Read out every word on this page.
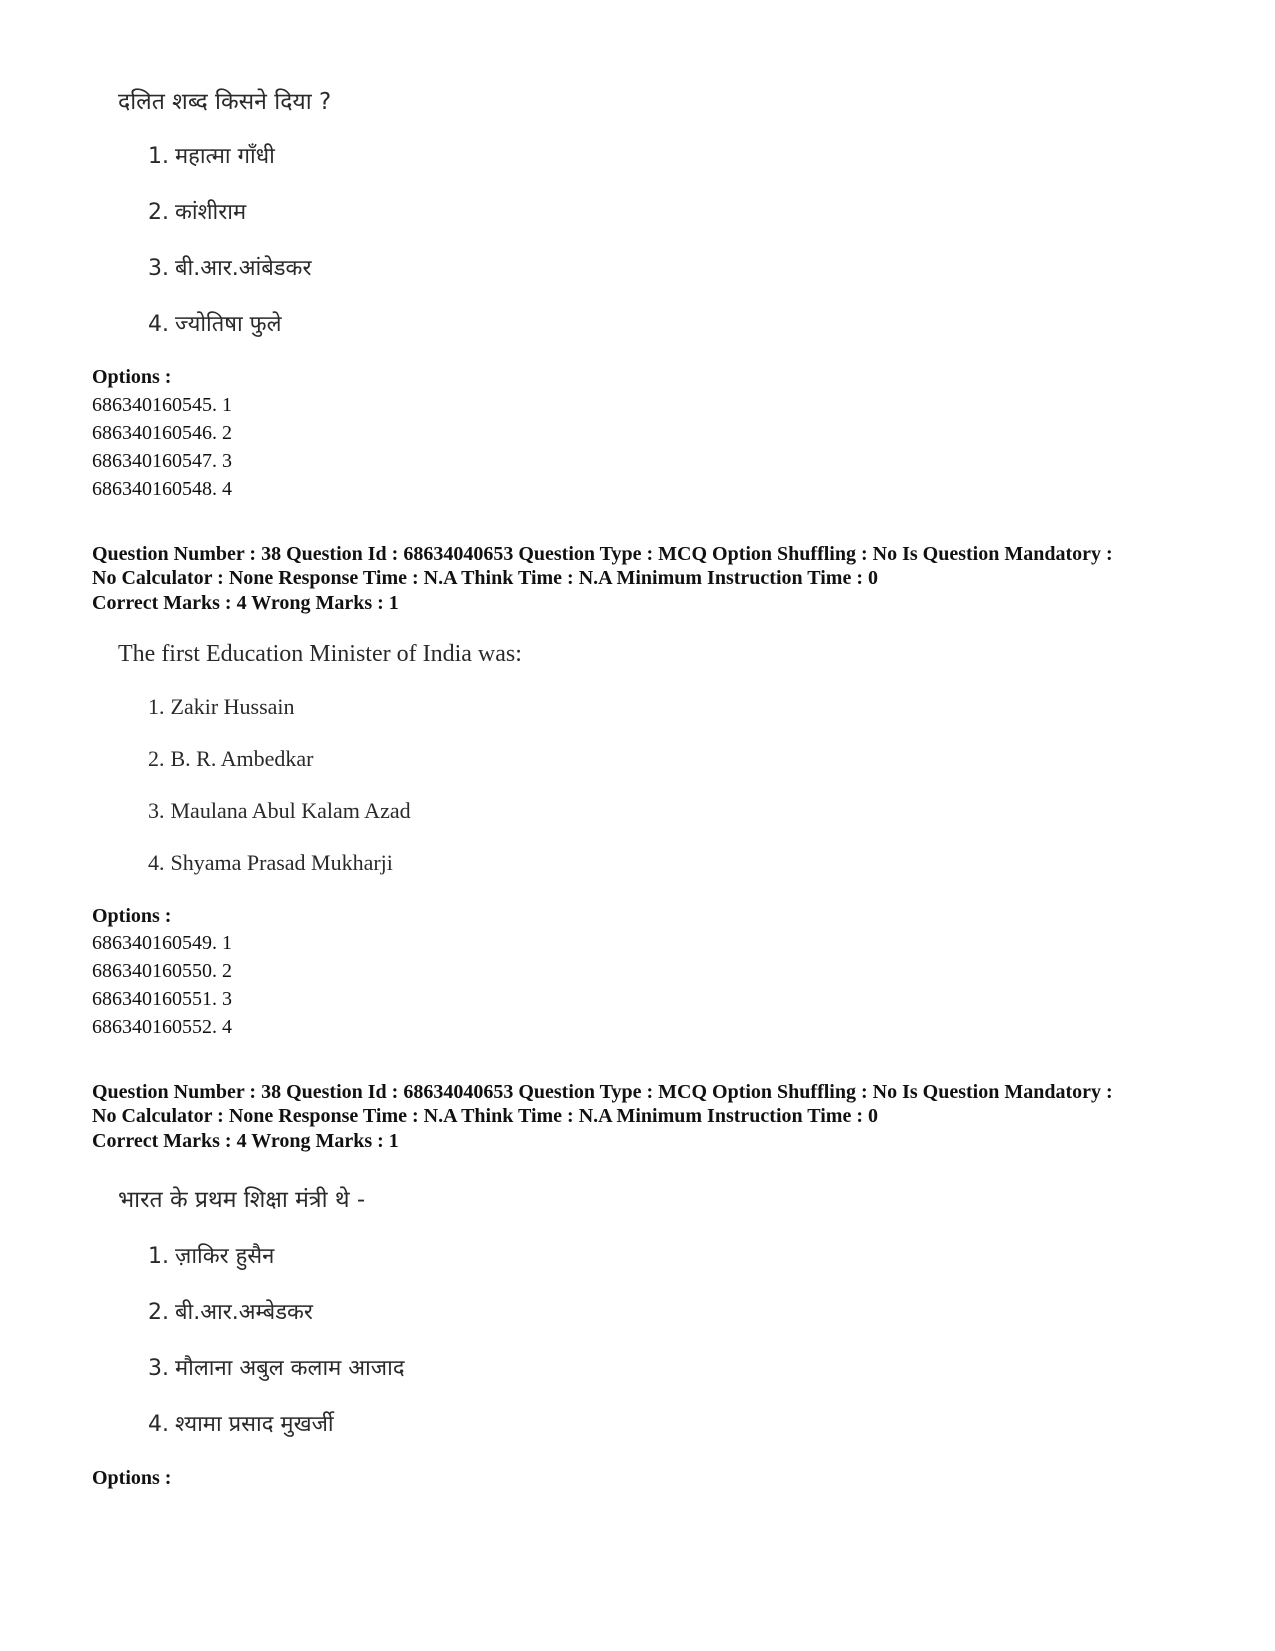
दलित शब्द किसने दिया ?
1. महात्मा गाँधी
2. कांशीराम
3. बी.आर.आंबेडकर
4. ज्योतिषा फुले
Options :
686340160545. 1
686340160546. 2
686340160547. 3
686340160548. 4
Question Number : 38 Question Id : 68634040653 Question Type : MCQ Option Shuffling : No Is Question Mandatory :
No Calculator : None Response Time : N.A Think Time : N.A Minimum Instruction Time : 0
Correct Marks : 4 Wrong Marks : 1
The first Education Minister of India was:
1. Zakir Hussain
2. B. R. Ambedkar
3. Maulana Abul Kalam Azad
4. Shyama Prasad Mukharji
Options :
686340160549. 1
686340160550. 2
686340160551. 3
686340160552. 4
Question Number : 38 Question Id : 68634040653 Question Type : MCQ Option Shuffling : No Is Question Mandatory :
No Calculator : None Response Time : N.A Think Time : N.A Minimum Instruction Time : 0
Correct Marks : 4 Wrong Marks : 1
भारत के प्रथम शिक्षा मंत्री थे -
1. ज़ाकिर हुसैन
2. बी.आर.अम्बेडकर
3. मौलाना अबुल कलाम आजाद
4. श्यामा प्रसाद मुखर्जी
Options :
